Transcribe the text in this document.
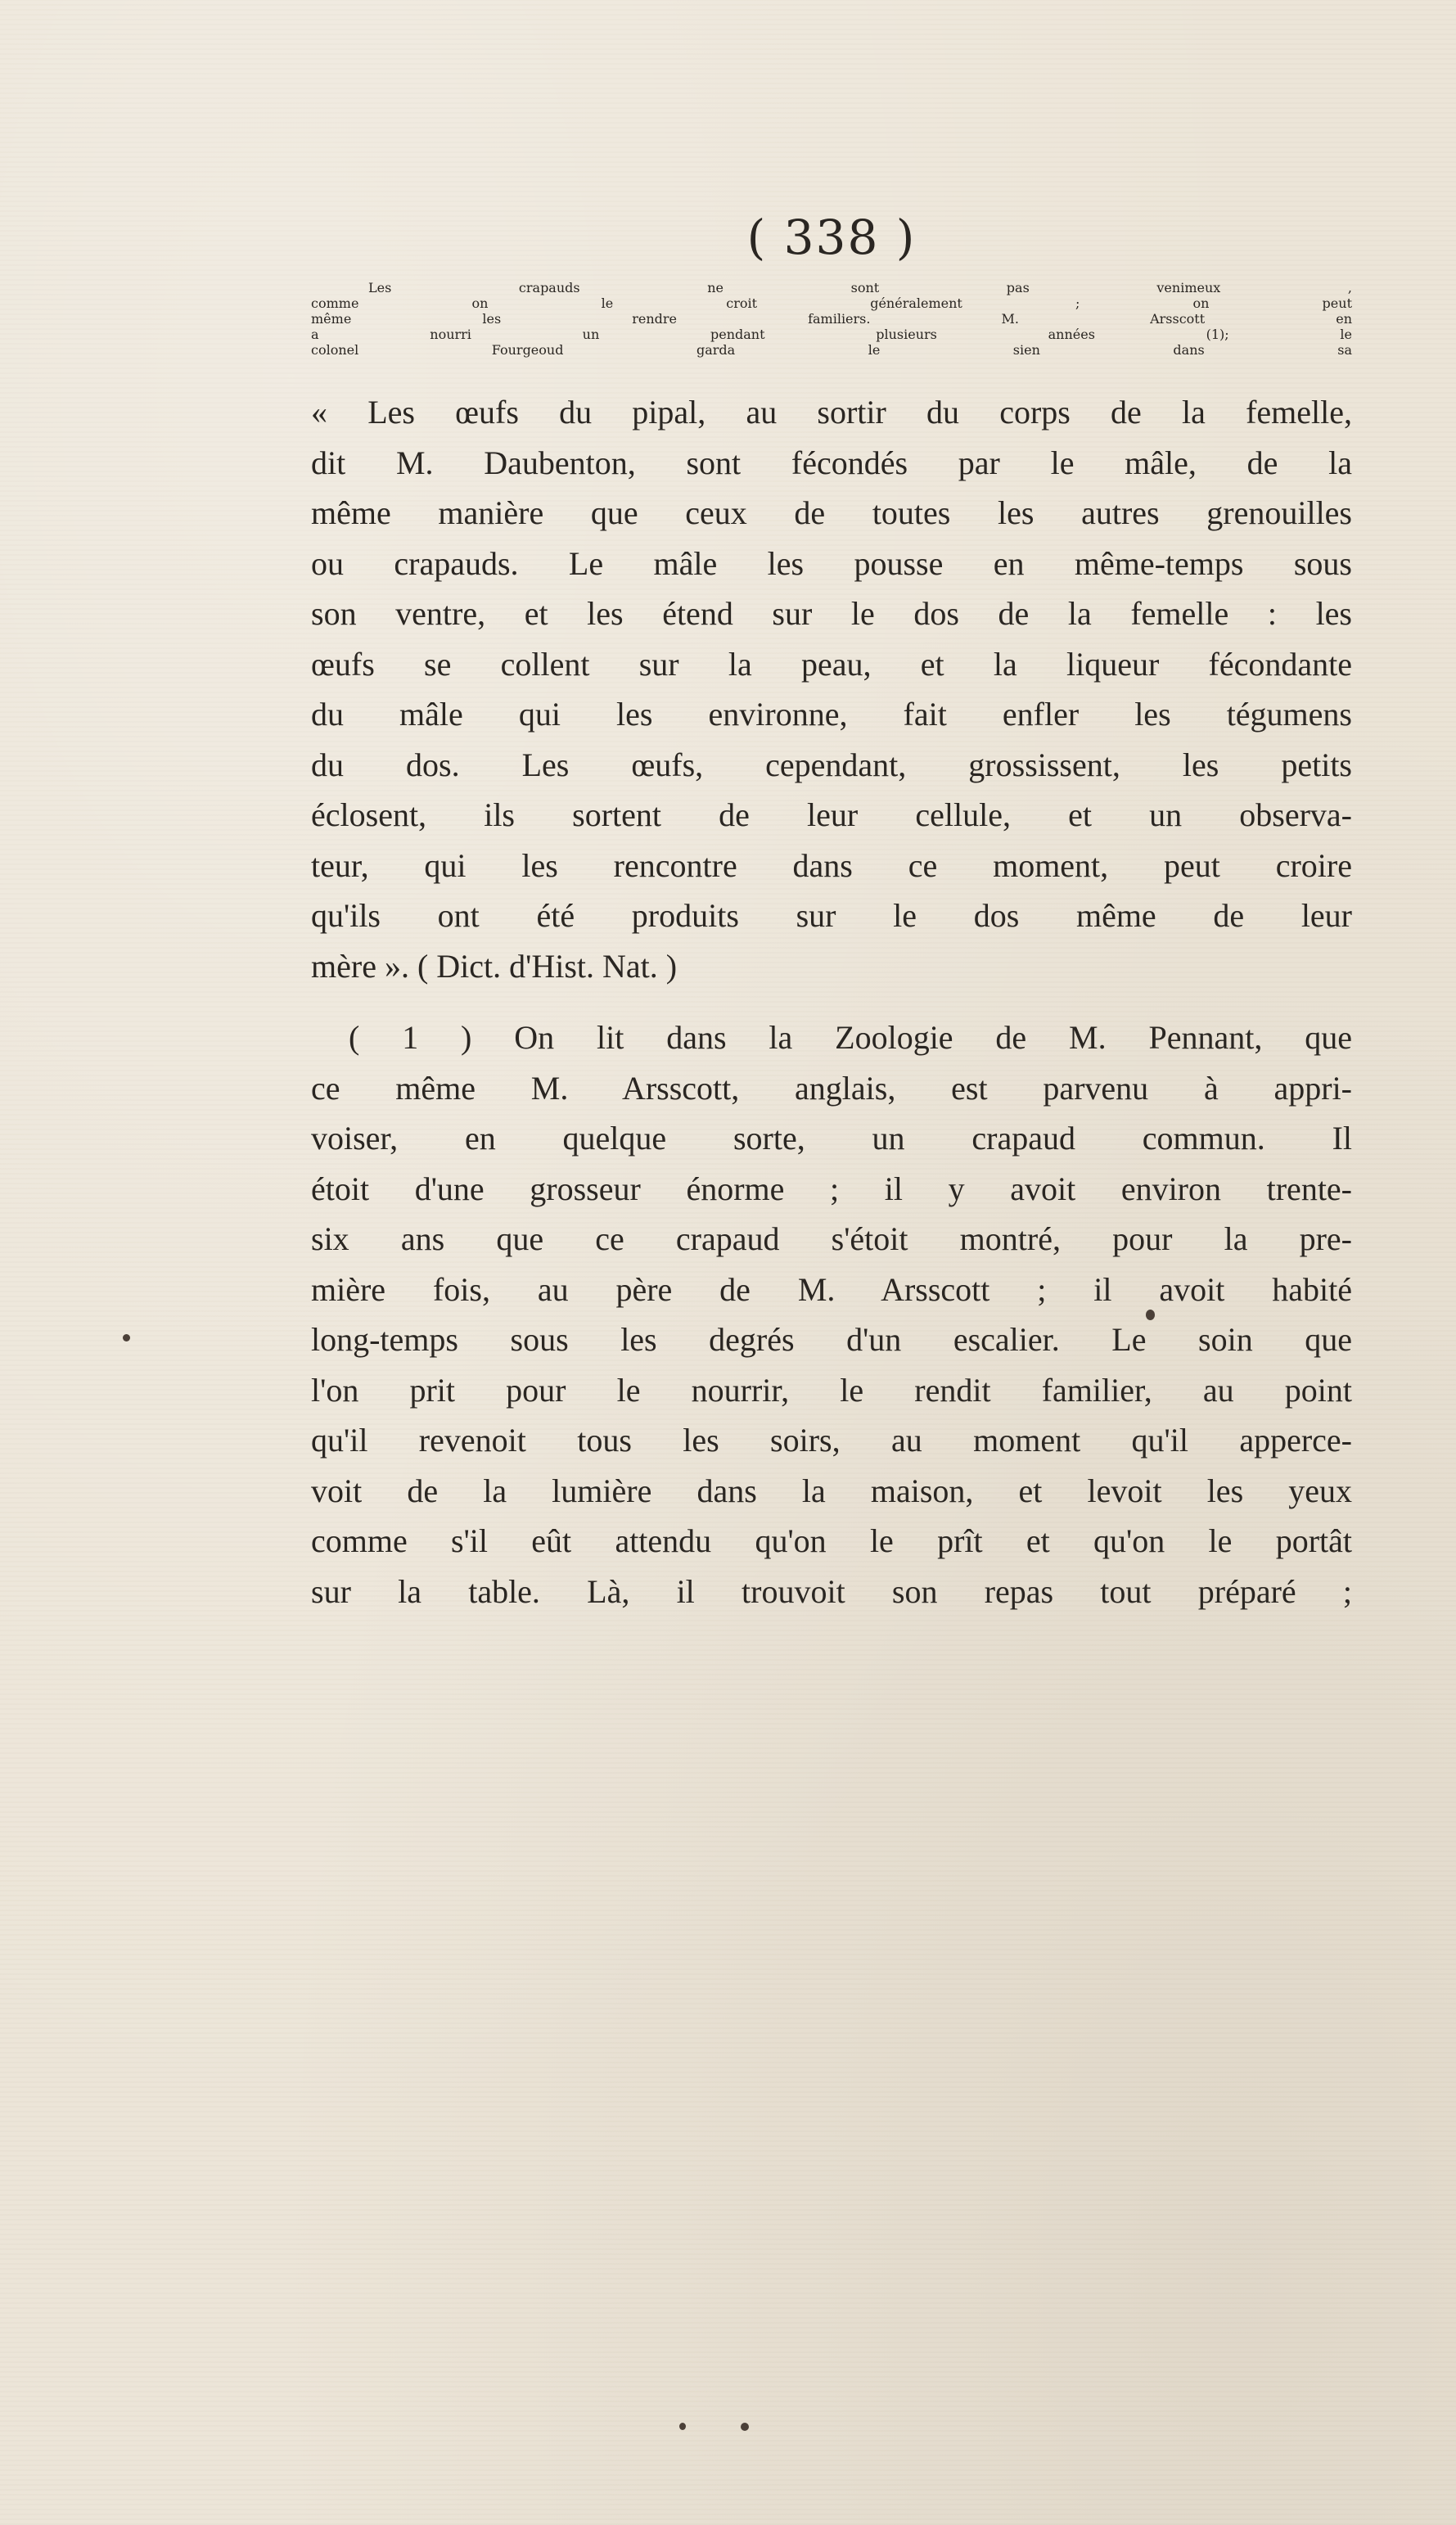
( 338 )
Les crapauds ne sont pas venimeux ,
comme on le croit généralement ; on peut
même les rendre familiers. M. Arsscott en
a nourri un pendant plusieurs années (1); le
colonel Fourgeoud garda le sien dans sa
« Les œufs du pipal, au sortir du corps de la femelle,
dit M. Daubenton, sont fécondés par le mâle, de la
même manière que ceux de toutes les autres grenouilles
ou crapauds. Le mâle les pousse en même-temps sous
son ventre, et les étend sur le dos de la femelle : les
œufs se collent sur la peau, et la liqueur fécondante
du mâle qui les environne, fait enfler les tégumens
du dos. Les œufs, cependant, grossissent, les petits
éclosent, ils sortent de leur cellule, et un observa-
teur, qui les rencontre dans ce moment, peut croire
qu'ils ont été produits sur le dos même de leur
mère ». ( Dict. d'Hist. Nat. )
( 1 ) On lit dans la Zoologie de M. Pennant, que
ce même M. Arsscott, anglais, est parvenu à appri-
voiser, en quelque sorte, un crapaud commun. Il
étoit d'une grosseur énorme ; il y avoit environ trente-
six ans que ce crapaud s'étoit montré, pour la pre-
mière fois, au père de M. Arsscott ; il avoit habité
long-temps sous les degrés d'un escalier. Le soin que
l'on prit pour le nourrir, le rendit familier, au point
qu'il revenoit tous les soirs, au moment qu'il apperce-
voit de la lumière dans la maison, et levoit les yeux
comme s'il eût attendu qu'on le prît et qu'on le portât
sur la table. Là, il trouvoit son repas tout préparé ;
